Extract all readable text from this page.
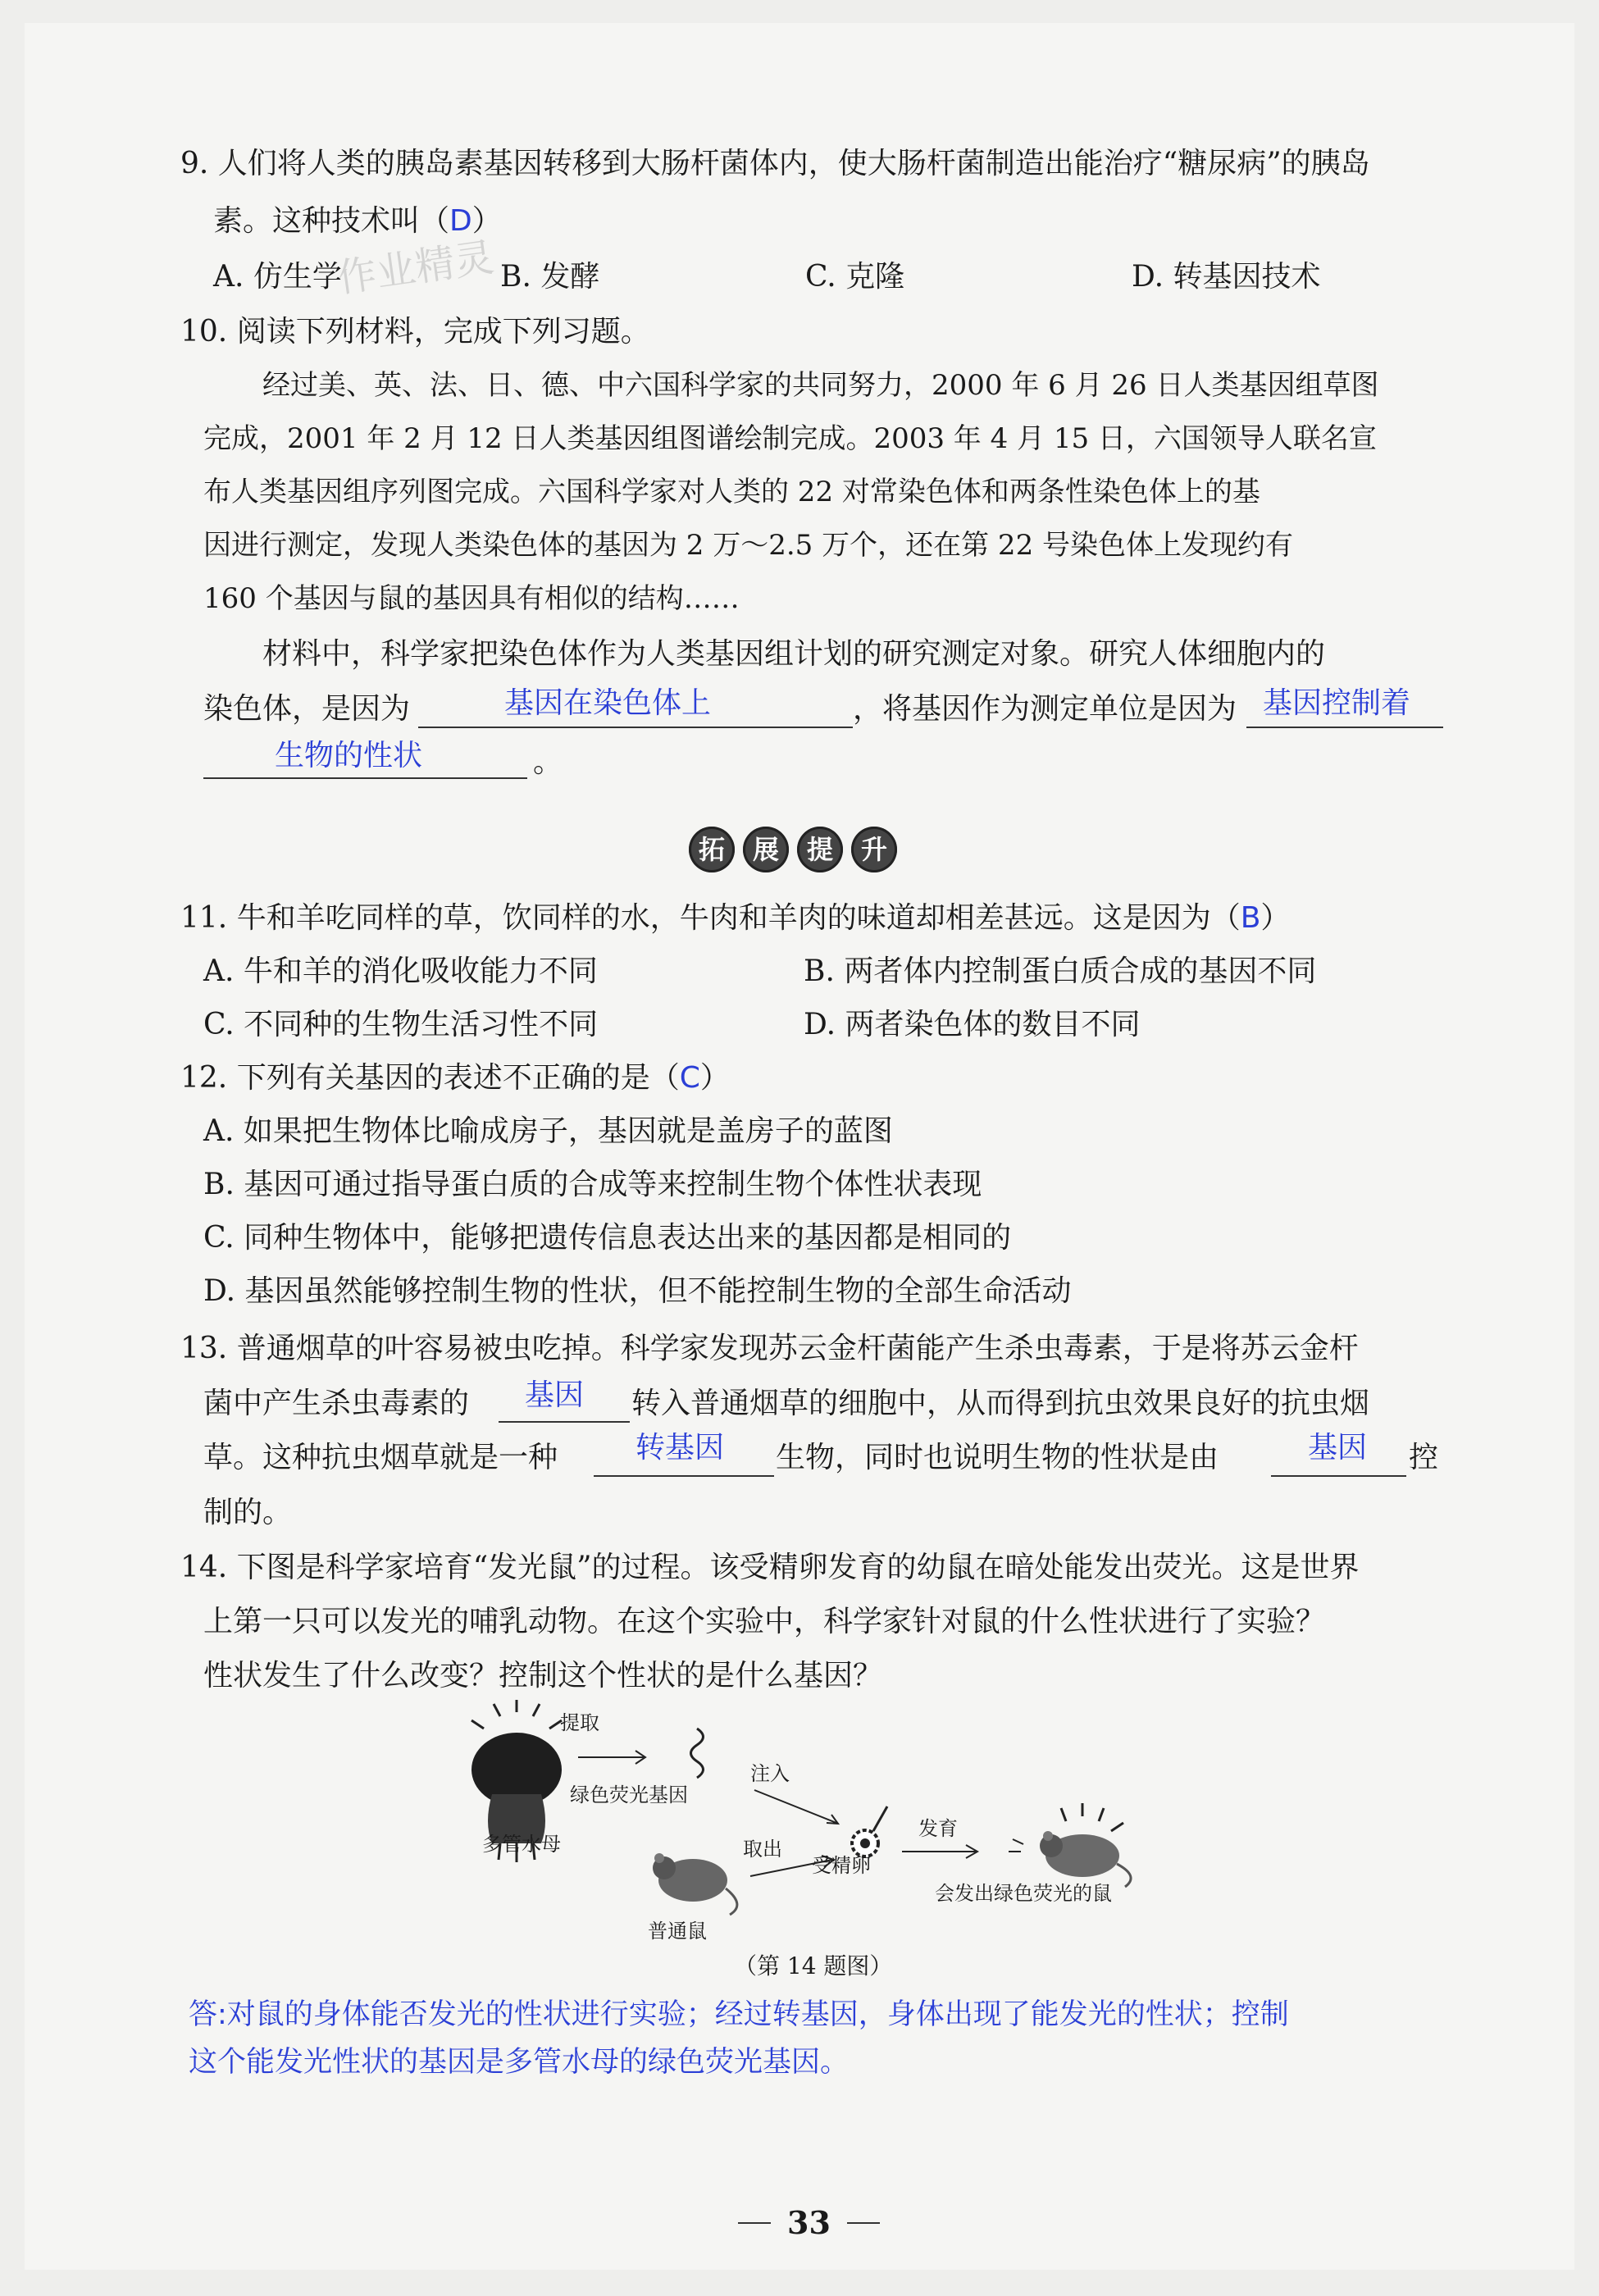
9. 人们将人类的胰岛素基因转移到大肠杆菌体内，使大肠杆菌制造出能治疗“糖尿病”的胰岛
素。这种技术叫（D）
作业精灵
A. 仿生学	B. 发酵	C. 克隆	D. 转基因技术
10. 阅读下列材料，完成下列习题。
经过美、英、法、日、德、中六国科学家的共同努力，2000 年 6 月 26 日人类基因组草图
完成，2001 年 2 月 12 日人类基因组图谱绘制完成。2003 年 4 月 15 日，六国领导人联名宣
布人类基因组序列图完成。六国科学家对人类的 22 对常染色体和两条性染色体上的基
因进行测定，发现人类染色体的基因为 2 万～2.5 万个，还在第 22 号染色体上发现约有
160 个基因与鼠的基因具有相似的结构……
材料中，科学家把染色体作为人类基因组计划的研究测定对象。研究人体细胞内的
染色体，是因为	基因在染色体上	，将基因作为测定单位是因为 基因控制着
生物的性状	。
拓	展	提	升
11. 牛和羊吃同样的草，饮同样的水，牛肉和羊肉的味道却相差甚远。这是因为（B）
A. 牛和羊的消化吸收能力不同	B. 两者体内控制蛋白质合成的基因不同
C. 不同种的生物生活习性不同	D. 两者染色体的数目不同
12. 下列有关基因的表述不正确的是（C）
A. 如果把生物体比喻成房子，基因就是盖房子的蓝图
B. 基因可通过指导蛋白质的合成等来控制生物个体性状表现
C. 同种生物体中，能够把遗传信息表达出来的基因都是相同的
D. 基因虽然能够控制生物的性状，但不能控制生物的全部生命活动
13. 普通烟草的叶容易被虫吃掉。科学家发现苏云金杆菌能产生杀虫毒素，于是将苏云金杆
菌中产生杀虫毒素的 基因 转入普通烟草的细胞中，从而得到抗虫效果良好的抗虫烟
草。这种抗虫烟草就是一种	转基因 生物，同时也说明生物的性状是由	基因 控
制的。
14. 下图是科学家培育“发光鼠”的过程。该受精卵发育的幼鼠在暗处能发出荧光。这是世界
上第一只可以发光的哺乳动物。在这个实验中，科学家针对鼠的什么性状进行了实验？
性状发生了什么改变？控制这个性状的是什么基因？
提取
绿色荧光基因
注入
多管水母	取出
受精卵
发育
会发出绿色荧光的鼠
普通鼠
（第 14 题图）
答:对鼠的身体能否发光的性状进行实验；经过转基因，身体出现了能发光的性状；控制
这个能发光性状的基因是多管水母的绿色荧光基因。
33
